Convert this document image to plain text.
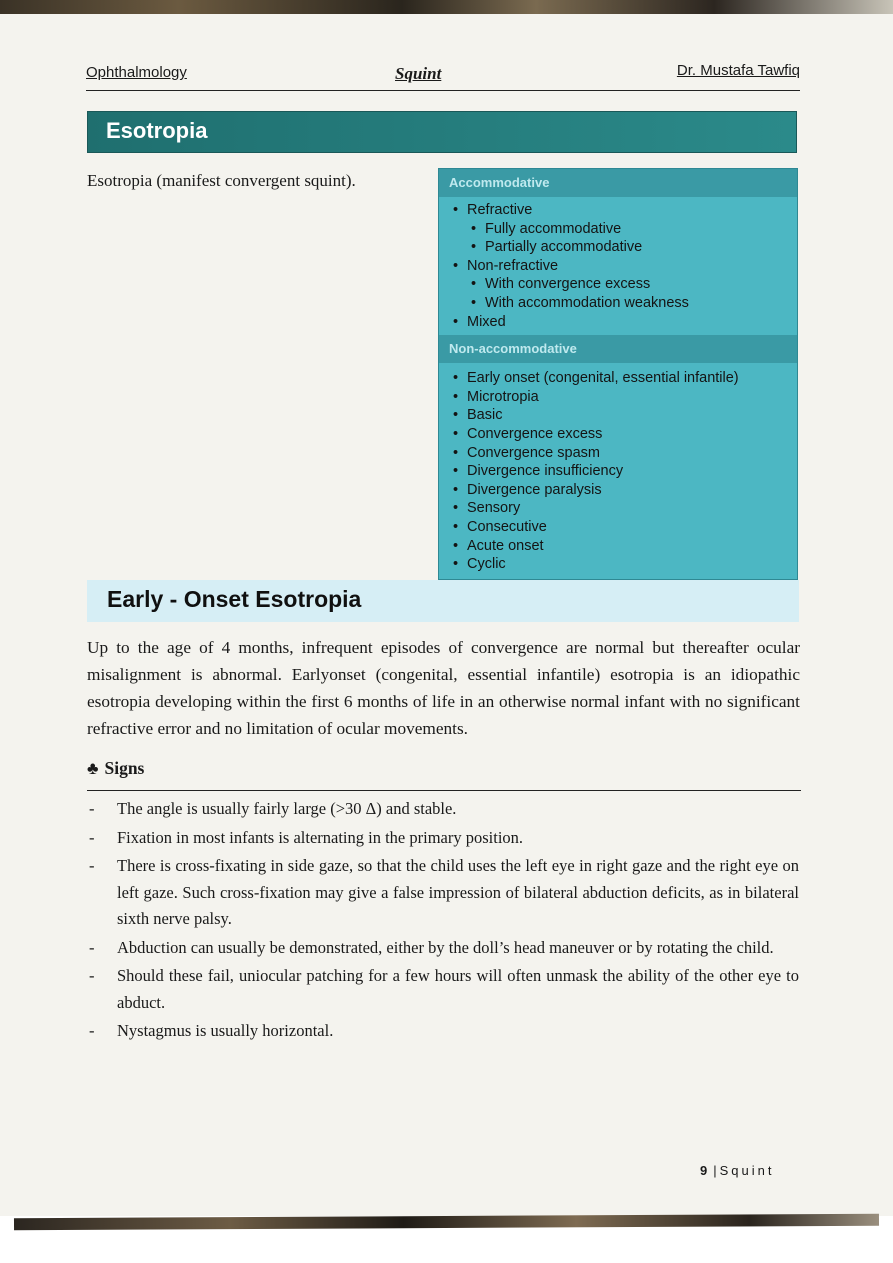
Ophthalmology	Squint	Dr. Mustafa Tawfiq
Esotropia
Esotropia (manifest convergent squint).	Accommodative
• Refractive
• Fully accommodative
• Partially accommodative
• Non-refractive
• With convergence excess
• With accommodation weakness
• Mixed
Non-accommodative
• Early onset (congenital, essential infantile)
• Microtropia
• Basic
• Convergence excess
• Convergence spasm
• Divergence insufficiency
• Divergence paralysis
• Sensory
• Consecutive
• Acute onset
• Cyclic
Early - Onset Esotropia

Up to the age of 4 months, infrequent episodes of convergence are normal but thereafter ocular misalignment is abnormal. Earlyonset (congenital, essential infantile) esotropia is an idiopathic esotropia developing within the first 6 months of life in an otherwise normal infant with no significant refractive error and no limitation of ocular movements.

♣ Signs
- The angle is usually fairly large (>30 Δ) and stable.
- Fixation in most infants is alternating in the primary position.
- There is cross-fixating in side gaze, so that the child uses the left eye in right gaze and the right eye on left gaze. Such cross-fixation may give a false impression of bilateral abduction deficits, as in bilateral sixth nerve palsy.
- Abduction can usually be demonstrated, either by the doll’s head maneuver or by rotating the child.
- Should these fail, uniocular patching for a few hours will often unmask the ability of the other eye to abduct.
- Nystagmus is usually horizontal.
9 |Squint
